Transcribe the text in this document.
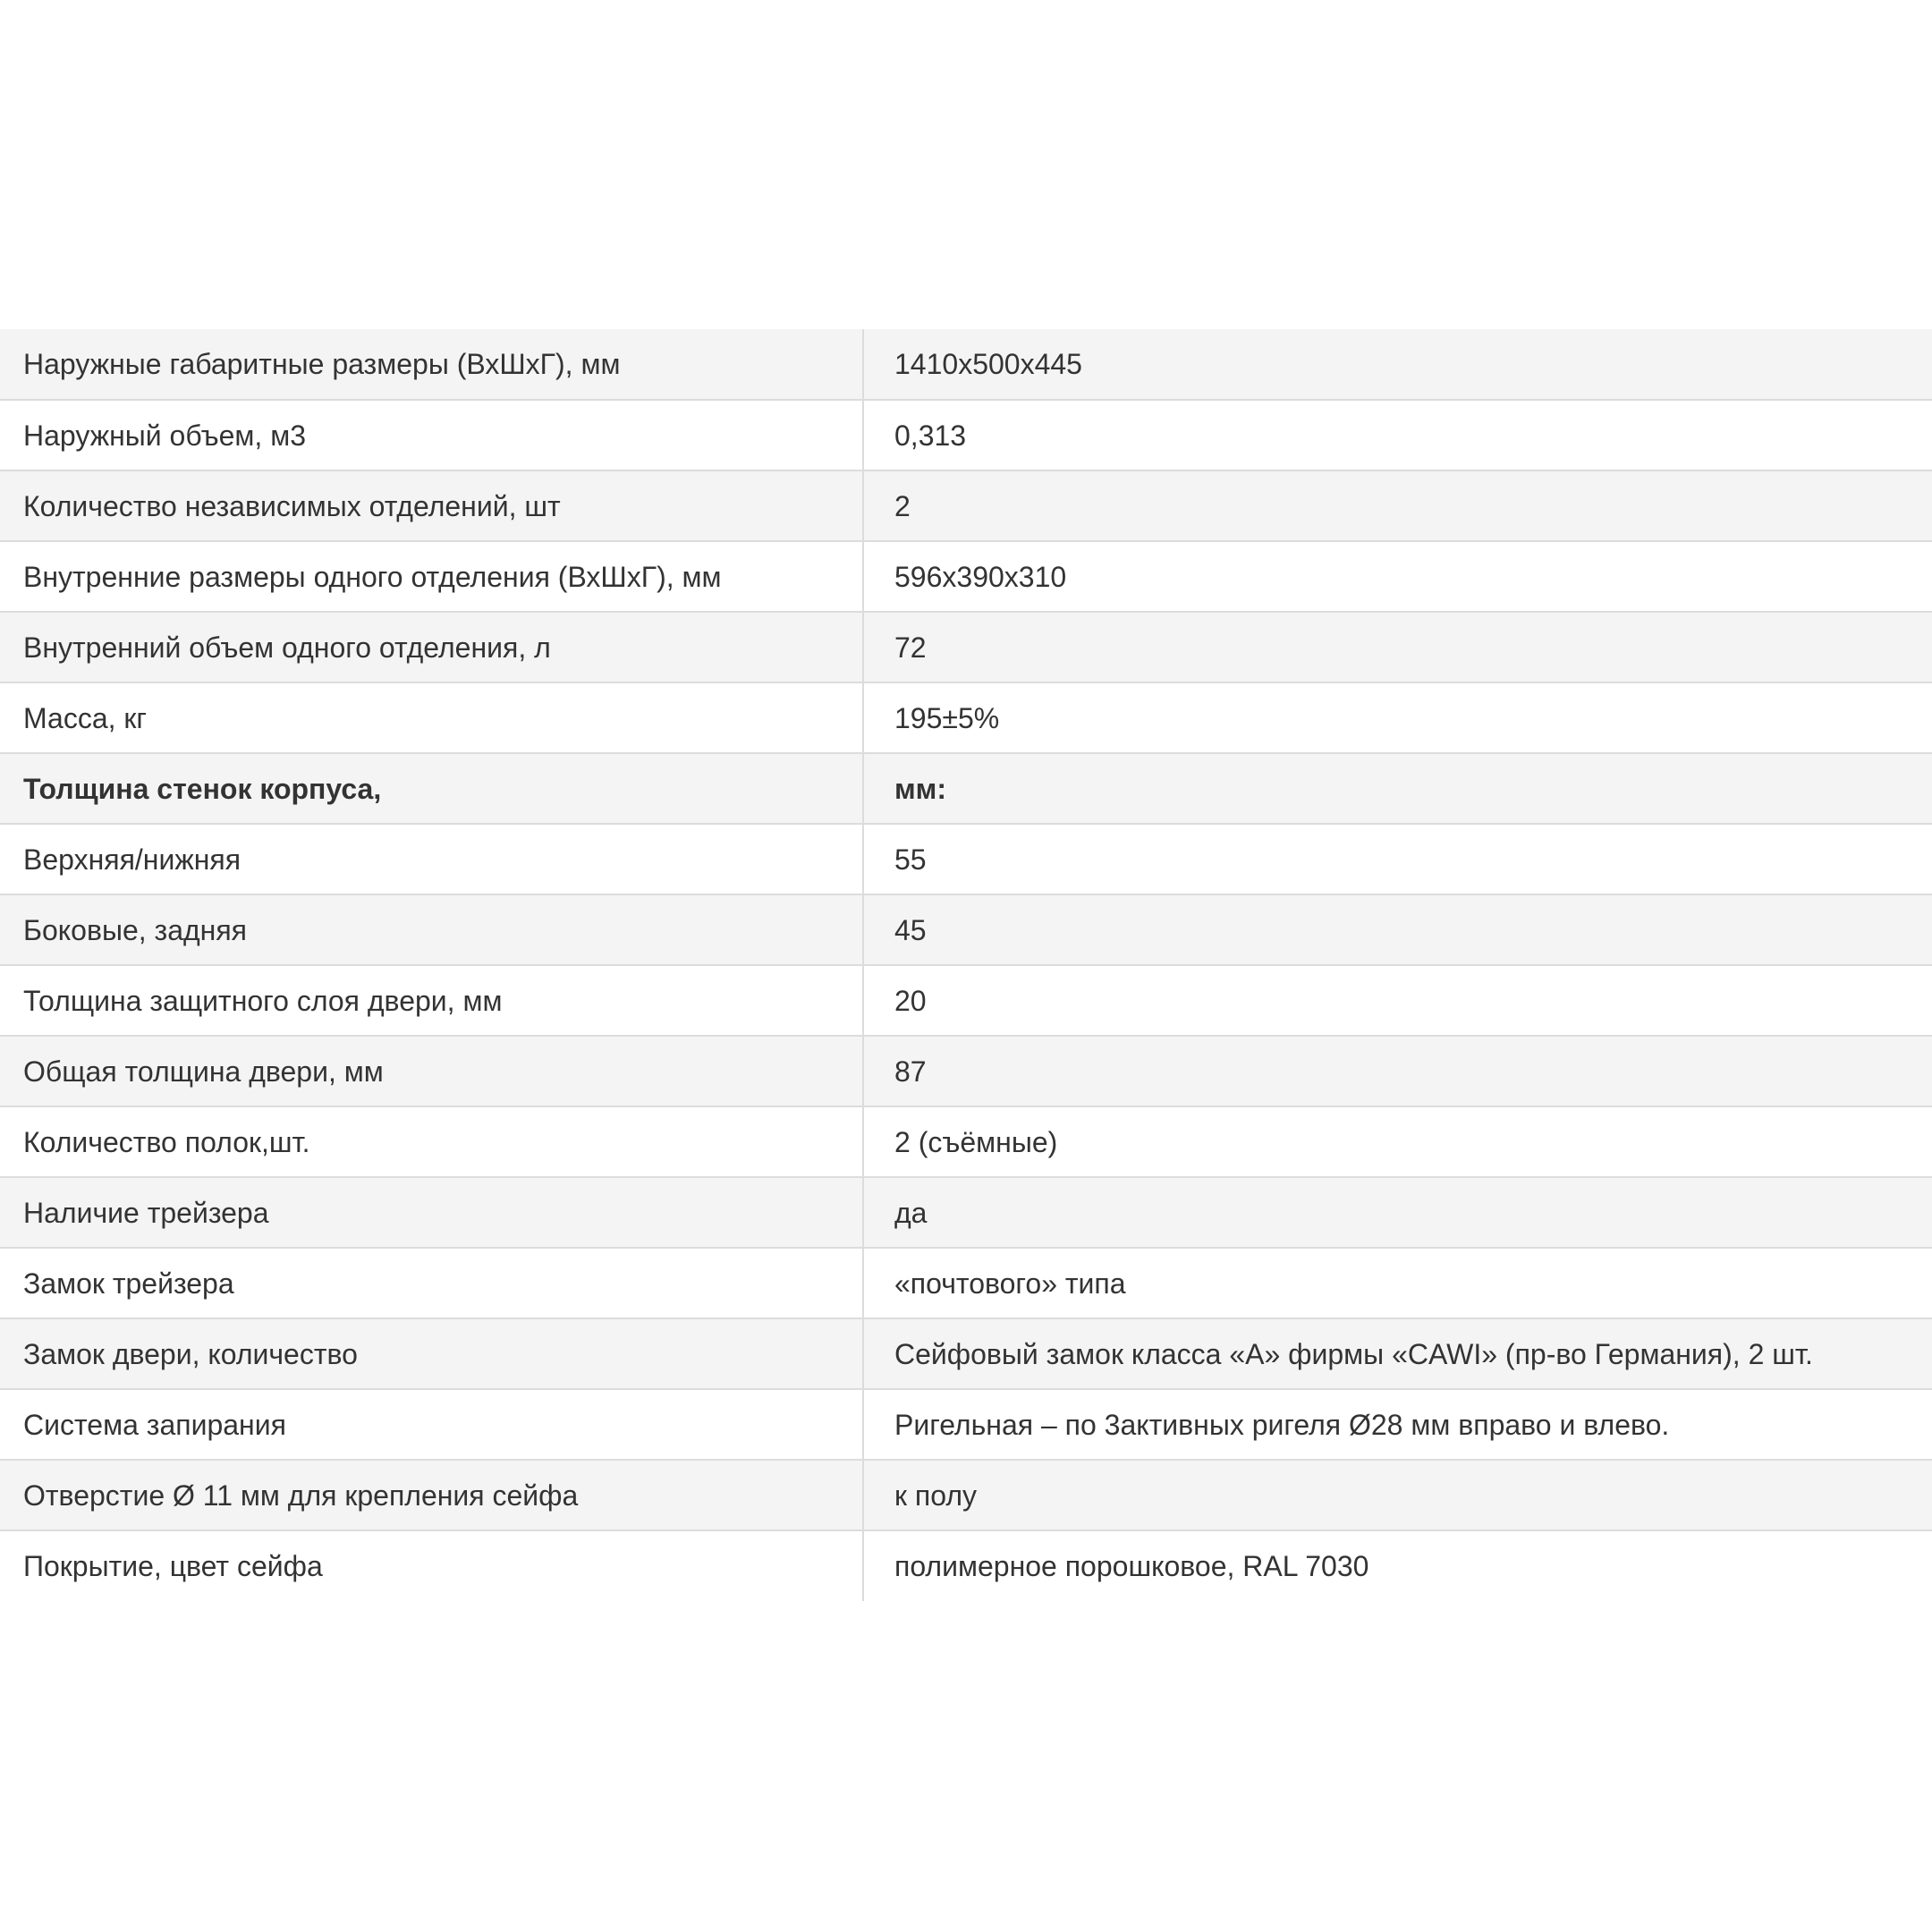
Наружные габаритные размеры (ВхШхГ), мм	1410х500х445
Наружный объем, м3	0,313
Количество независимых отделений, шт	2
Внутренние размеры одного отделения (ВхШхГ), мм	596х390х310
Внутренний объем одного отделения, л	72
Масса, кг	195±5%
Толщина стенок корпуса,	мм:
Верхняя/нижняя	55
Боковые, задняя	45
Толщина защитного слоя двери, мм	20
Общая толщина двери, мм	87
Количество полок,шт.	2 (съёмные)
Наличие трейзера	да
Замок трейзера	«почтового» типа
Замок двери, количество	Сейфовый замок класса «А» фирмы «CAWI» (пр-во Германия), 2 шт.
Система запирания	Ригельная – по 3активных ригеля Ø28 мм вправо и влево.
Отверстие Ø 11 мм для крепления сейфа	к полу
Покрытие, цвет сейфа	полимерное порошковое, RAL 7030
